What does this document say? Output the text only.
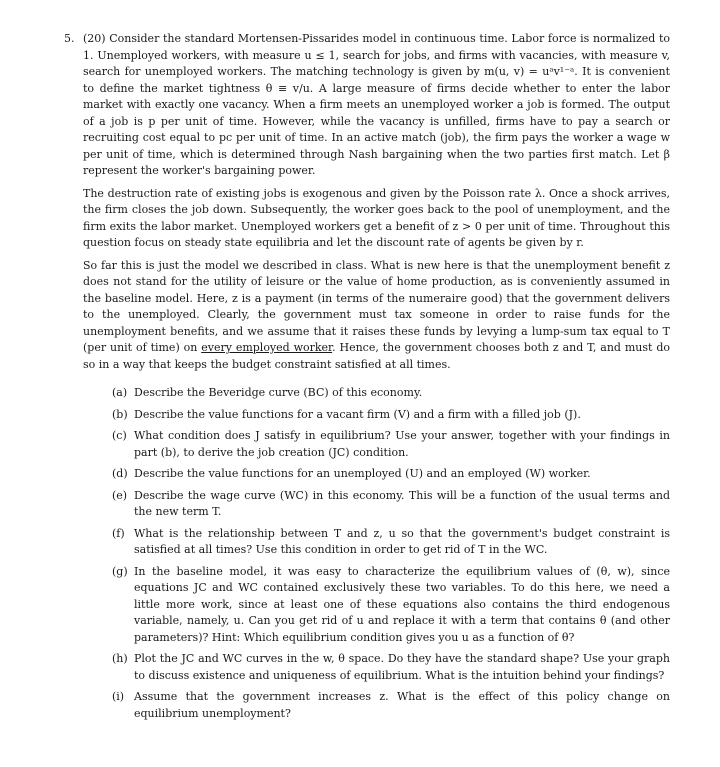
5. (20) Consider the standard Mortensen-Pissarides model in continuous time. Labor force is normalized to 1. Unemployed workers, with measure u ≤ 1, search for jobs, and firms with vacancies, with measure v, search for unemployed workers. The matching technology is given by m(u, v) = uᵃv¹⁻ᵃ. It is convenient to define the market tightness θ ≡ v/u. A large measure of firms decide whether to enter the labor market with exactly one vacancy. When a firm meets an unemployed worker a job is formed. The output of a job is p per unit of time. However, while the vacancy is unfilled, firms have to pay a search or recruiting cost equal to pc per unit of time. In an active match (job), the firm pays the worker a wage w per unit of time, which is determined through Nash bargaining when the two parties first match. Let β represent the worker's bargaining power.

The destruction rate of existing jobs is exogenous and given by the Poisson rate λ. Once a shock arrives, the firm closes the job down. Subsequently, the worker goes back to the pool of unemployment, and the firm exits the labor market. Unemployed workers get a benefit of z > 0 per unit of time. Throughout this question focus on steady state equilibria and let the discount rate of agents be given by r.

So far this is just the model we described in class. What is new here is that the unemployment benefit z does not stand for the utility of leisure or the value of home production, as is conveniently assumed in the baseline model. Here, z is a payment (in terms of the numeraire good) that the government delivers to the unemployed. Clearly, the government must tax someone in order to raise funds for the unemployment benefits, and we assume that it raises these funds by levying a lump-sum tax equal to T (per unit of time) on every employed worker. Hence, the government chooses both z and T, and must do so in a way that keeps the budget constraint satisfied at all times.

(a) Describe the Beveridge curve (BC) of this economy.
(b) Describe the value functions for a vacant firm (V) and a firm with a filled job (J).
(c) What condition does J satisfy in equilibrium? Use your answer, together with your findings in part (b), to derive the job creation (JC) condition.
(d) Describe the value functions for an unemployed (U) and an employed (W) worker.
(e) Describe the wage curve (WC) in this economy. This will be a function of the usual terms and the new term T.
(f) What is the relationship between T and z, u so that the government's budget constraint is satisfied at all times? Use this condition in order to get rid of T in the WC.
(g) In the baseline model, it was easy to characterize the equilibrium values of (θ, w), since equations JC and WC contained exclusively these two variables. To do this here, we need a little more work, since at least one of these equations also contains the third endogenous variable, namely, u. Can you get rid of u and replace it with a term that contains θ (and other parameters)? Hint: Which equilibrium condition gives you u as a function of θ?
(h) Plot the JC and WC curves in the w, θ space. Do they have the standard shape? Use your graph to discuss existence and uniqueness of equilibrium. What is the intuition behind your findings?
(i) Assume that the government increases z. What is the effect of this policy change on equilibrium unemployment?
